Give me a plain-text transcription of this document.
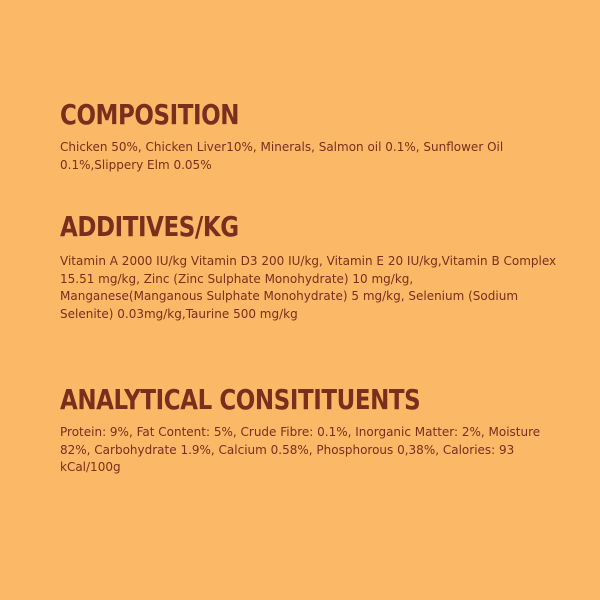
COMPOSITION

Chicken 50%, Chicken Liver10%, Minerals, Salmon oil 0.1%, Sunflower Oil 0.1%,Slippery Elm 0.05%

ADDITIVES/KG

Vitamin A 2000 IU/kg Vitamin D3 200 IU/kg, Vitamin E 20 IU/kg,Vitamin B Complex 15.51 mg/kg, Zinc (Zinc Sulphate Monohydrate) 10 mg/kg, Manganese(Manganous Sulphate Monohydrate) 5 mg/kg, Selenium (Sodium Selenite) 0.03mg/kg,Taurine 500 mg/kg

ANALYTICAL CONSITITUENTS

Protein: 9%, Fat Content: 5%, Crude Fibre: 0.1%, Inorganic Matter: 2%, Moisture 82%, Carbohydrate 1.9%, Calcium 0.58%, Phosphorous 0,38%, Calories: 93 kCal/100g
